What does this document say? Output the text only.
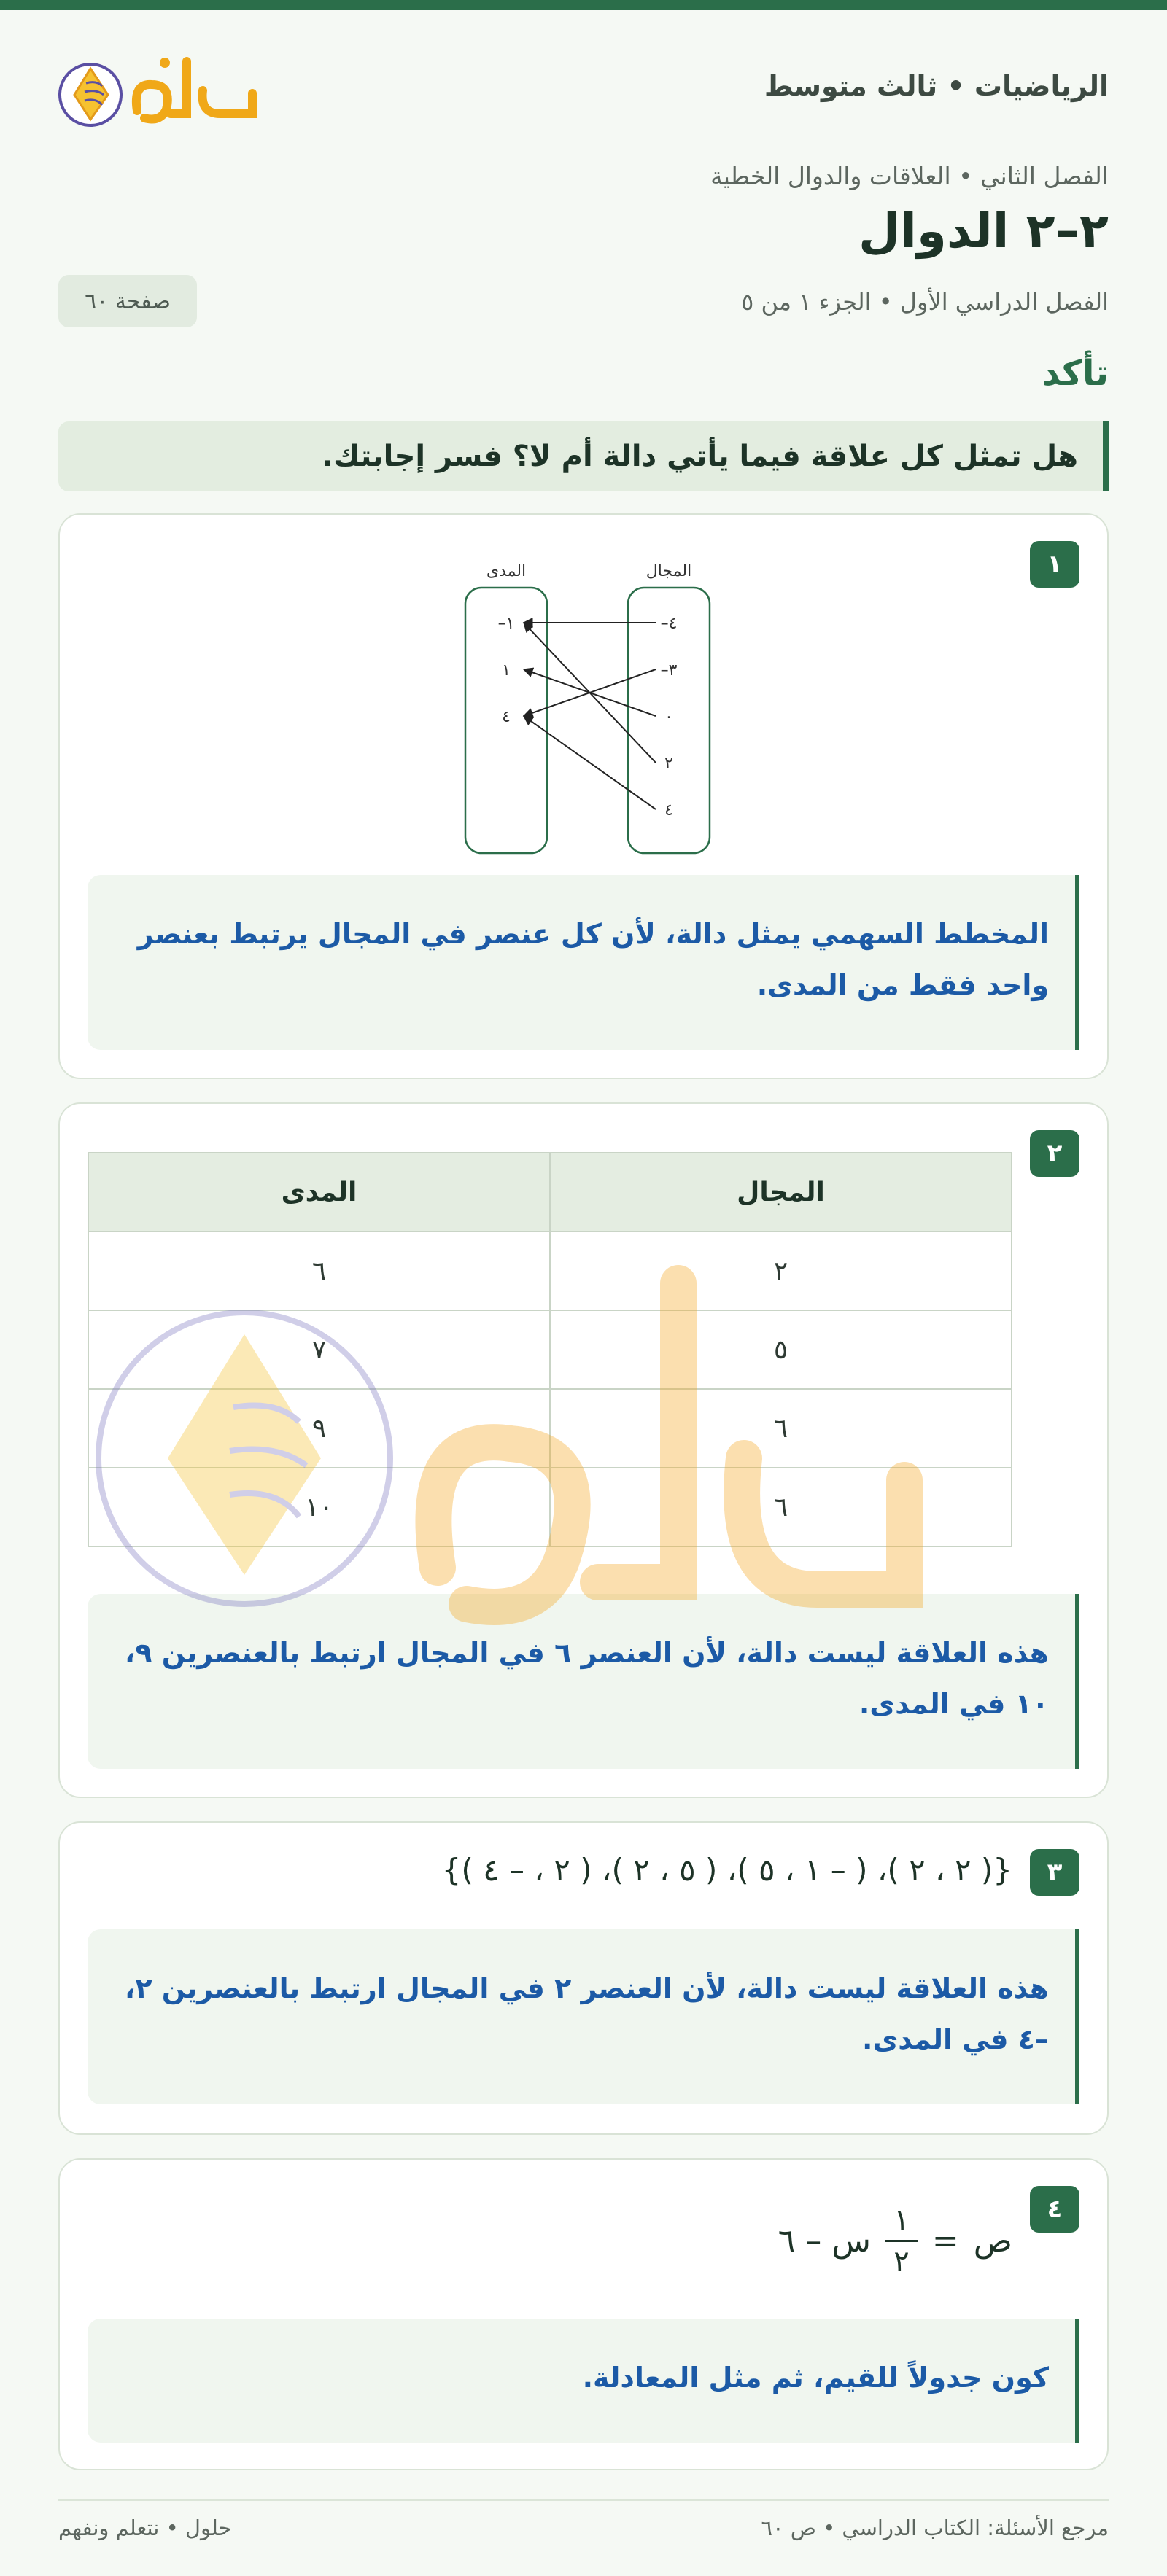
الرياضيات • ثالث متوسط
الفصل الثاني • العلاقات والدوال الخطية
٢–٢ الدوال
الفصل الدراسي الأول • الجزء ١ من ٥
صفحة ٦٠
تأكد
هل تمثل كل علاقة فيما يأتي دالة أم لا؟ فسر إجابتك.
١
المجال
المدى
٤–
٣–
٠
٢
٤
١–
١
٤
المخطط السهمي يمثل دالة، لأن كل عنصر في المجال يرتبط بعنصر واحد فقط من المدى.
٢
المجال	المدى
٢	٦
٥	٧
٦	٩
٦	١٠
هذه العلاقة ليست دالة، لأن العنصر ٦ في المجال ارتبط بالعنصرين ٩، ١٠ في المدى.
٣
{( ٢ ، ٢ )، ( – ١ ، ٥ )، ( ٥ ، ٢ )، ( ٢ ، – ٤ )}
هذه العلاقة ليست دالة، لأن العنصر ٢ في المجال ارتبط بالعنصرين ٢، –٤ في المدى.
٤
ص
=
$\frac{١}{٢}$
س – ٦
كون جدولاً للقيم، ثم مثل المعادلة.
مرجع الأسئلة: الكتاب الدراسي • ص ٦٠
حلول • نتعلم ونفهم
